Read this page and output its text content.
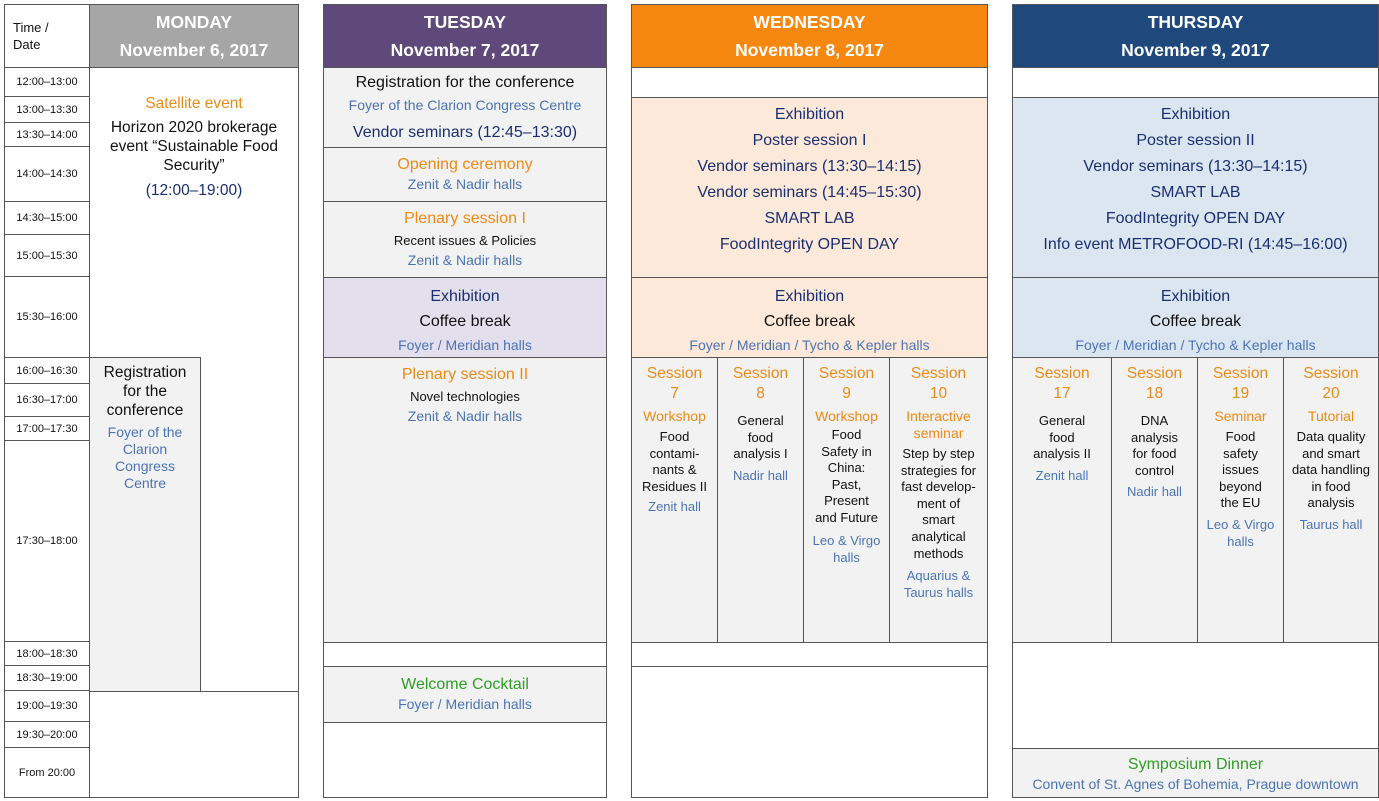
Time /
Date
MONDAY
November 6, 2017
TUESDAY
November 7, 2017
WEDNESDAY
November 8, 2017
THURSDAY
November 9, 2017
12:00–13:00
13:00–13:30
13:30–14:00
14:00–14:30
14:30–15:00
15:00–15:30
15:30–16:00
16:00–16:30
16:30–17:00
17:00–17:30
17:30–18:00
18:00–18:30
18:30–19:00
19:00–19:30
19:30–20:00
From 20:00
Satellite event
Horizon 2020 brokerage event “Sustainable Food Security”
(12:00–19:00)
Registration for the conference
Foyer of the Clarion Congress Centre
Registration for the conference
Foyer of the Clarion Congress Centre
Vendor seminars (12:45–13:30)
Opening ceremony
Zenit & Nadir halls
Plenary session I
Recent issues & Policies
Zenit & Nadir halls
Exhibition
Coffee break
Foyer / Meridian halls
Plenary session II
Novel technologies
Zenit & Nadir halls
Welcome Cocktail
Foyer / Meridian halls
Exhibition
Poster session I
Vendor seminars (13:30–14:15)
Vendor seminars (14:45–15:30)
SMART LAB
FoodIntegrity OPEN DAY
Exhibition
Coffee break
Foyer / Meridian / Tycho & Kepler halls
Session
7
Workshop
Food contami-nants & Residues II
Zenit hall
Session
8
General food analysis I
Nadir hall
Session
9
Workshop
Food Safety in China: Past, Present and Future
Leo & Virgo halls
Session
10
Interactive seminar
Step by step strategies for fast develop-ment of smart analytical methods
Aquarius & Taurus halls
Exhibition
Poster session II
Vendor seminars (13:30–14:15)
SMART LAB
FoodIntegrity OPEN DAY
Info event METROFOOD-RI (14:45–16:00)
Exhibition
Coffee break
Foyer / Meridian / Tycho & Kepler halls
Session
17
General food analysis II
Zenit hall
Session
18
DNA analysis for food control
Nadir hall
Session
19
Seminar
Food safety issues beyond the EU
Leo & Virgo halls
Session
20
Tutorial
Data quality and smart data handling in food analysis
Taurus hall
Symposium Dinner
Convent of St. Agnes of Bohemia, Prague downtown
